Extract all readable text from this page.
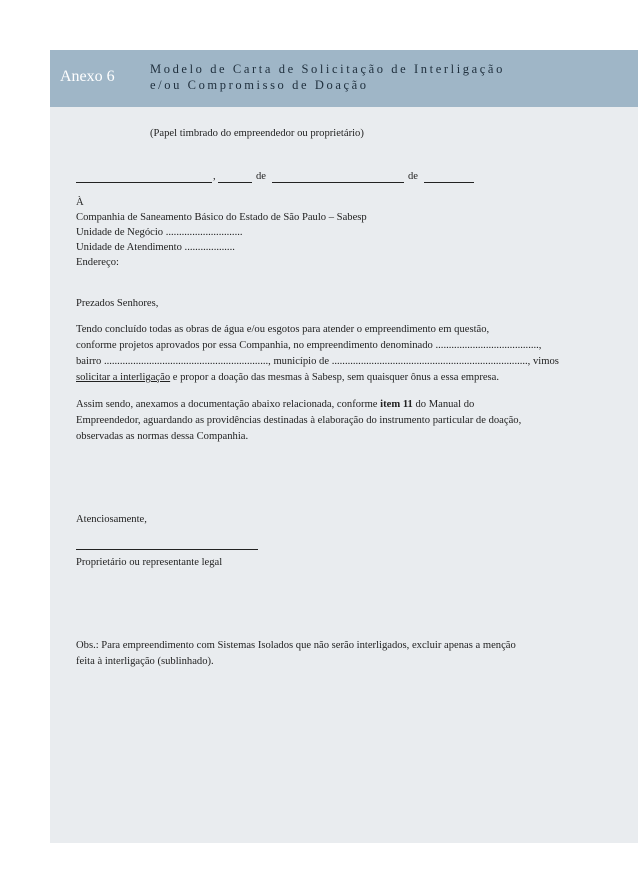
Anexo 6	Modelo de Carta de Solicitação de Interligação
e/ou Compromisso de Doação
(Papel timbrado do empreendedor ou proprietário)
,	de	de
À
Companhia de Saneamento Básico do Estado de São Paulo – Sabesp
Unidade de Negócio .............................
Unidade de Atendimento ...................
Endereço:
Prezados Senhores,
Tendo concluído todas as obras de água e/ou esgotos para atender o empreendimento em questão,
conforme projetos aprovados por essa Companhia, no empreendimento denominado .......................................,
bairro .............................................................., município de .........................................................................., vimos
solicitar a interligação e propor a doação das mesmas à Sabesp, sem quaisquer ônus a essa empresa.
Assim sendo, anexamos a documentação abaixo relacionada, conforme item 11 do Manual do
Empreendedor, aguardando as providências destinadas à elaboração do instrumento particular de doação,
observadas as normas dessa Companhia.
Atenciosamente,
Proprietário ou representante legal
Obs.: Para empreendimento com Sistemas Isolados que não serão interligados, excluir apenas a menção
feita à interligação (sublinhado).
